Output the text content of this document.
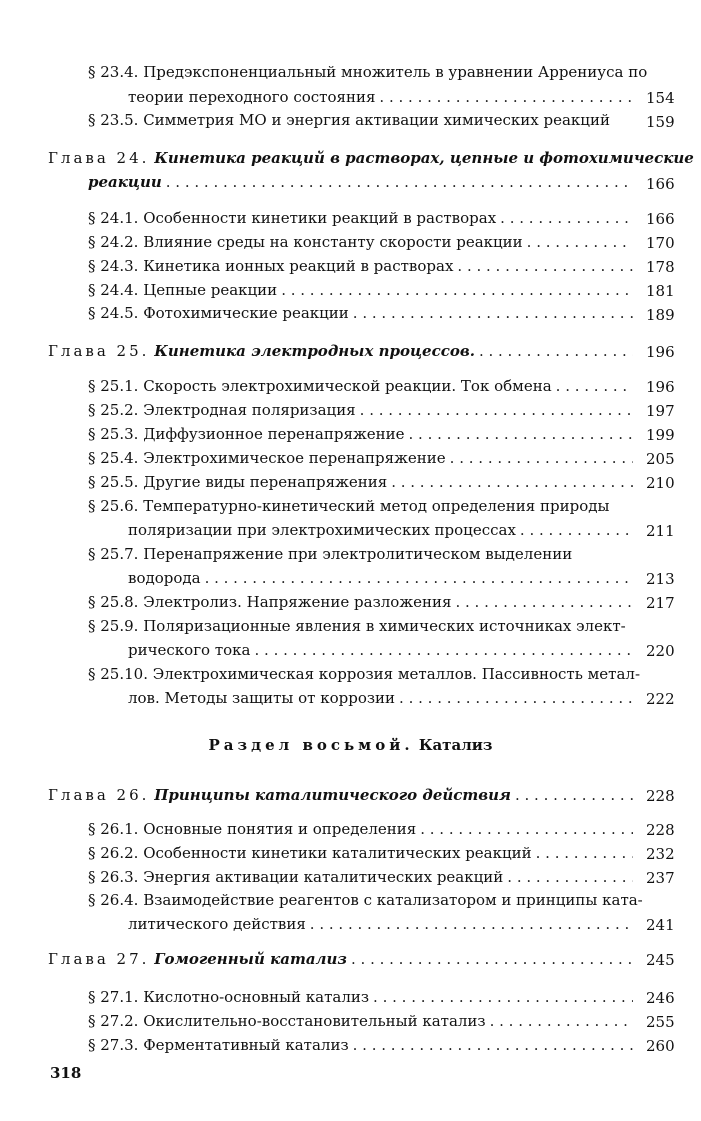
§ 23.4. Предэкспоненциальный множитель в уравнении Аррениуса по
теории переходного состояния . . .	154
§ 23.5. Симметрия МО и энергия активации химических реакций	159
Глава 24. Кинетика реакций в растворах, цепные и фотохимические
реакции . . .	166
§ 24.1. Особенности кинетики реакций в растворах . . .	166
§ 24.2. Влияние среды на константу скорости реакции . . .	170
§ 24.3. Кинетика ионных реакций в растворах . . .	178
§ 24.4. Цепные реакции . . .	181
§ 24.5. Фотохимические реакции . . .	189
Глава 25. Кинетика электродных процессов. . . .	196
§ 25.1. Скорость электрохимической реакции. Ток обмена . . .	196
§ 25.2. Электродная поляризация . . .	197
§ 25.3. Диффузионное перенапряжение . . .	199
§ 25.4. Электрохимическое перенапряжение . . .	205
§ 25.5. Другие виды перенапряжения . . .	210
§ 25.6. Температурно-кинетический метод определения природы
поляризации при электрохимических процессах . . .	211
§ 25.7. Перенапряжение при электролитическом выделении
водорода . . .	213
§ 25.8. Электролиз. Напряжение разложения . . .	217
§ 25.9. Поляризационные явления в химических источниках элект-
рического тока . . .	220
§ 25.10. Электрохимическая коррозия металлов. Пассивность метал-
лов. Методы защиты от коррозии . . .	222
Раздел восьмой. Катализ
Глава 26. Принципы каталитического действия . . .	228
§ 26.1. Основные понятия и определения . . .	228
§ 26.2. Особенности кинетики каталитических реакций . . .	232
§ 26.3. Энергия активации каталитических реакций . . .	237
§ 26.4. Взаимодействие реагентов с катализатором и принципы ката-
литического действия . . .	241
Глава 27. Гомогенный катализ . . .	245
§ 27.1. Кислотно-основный катализ . . .	246
§ 27.2. Окислительно-восстановительный катализ . . .	255
§ 27.3. Ферментативный катализ . . .	260
318
